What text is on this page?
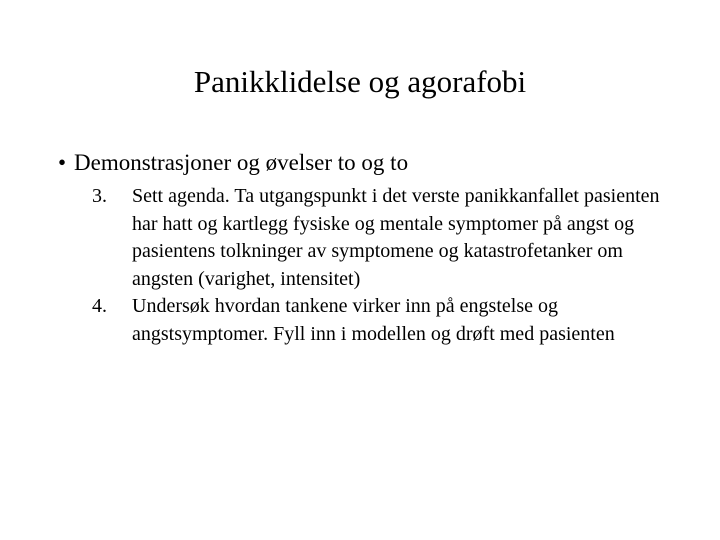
Panikklidelse og agorafobi
• Demonstrasjoner og øvelser to og to
3. Sett agenda. Ta utgangspunkt i det verste panikkanfallet pasienten har hatt og kartlegg fysiske og mentale symptomer på angst og pasientens tolkninger av symptomene og katastrofetanker om angsten (varighet, intensitet)
4. Undersøk hvordan tankene virker inn på engstelse og angstsymptomer. Fyll inn i modellen og drøft med pasienten
